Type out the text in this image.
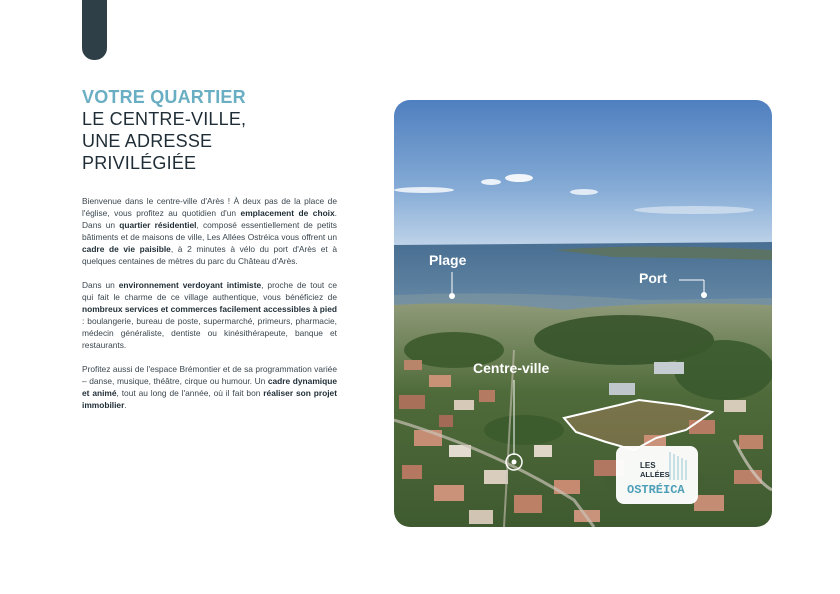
VOTRE QUARTIER
LE CENTRE-VILLE,
UNE ADRESSE
PRIVILÉGIÉE

Bienvenue dans le centre-ville d'Arès ! À deux pas de la place de l'église, vous profitez au quotidien d'un emplacement de choix. Dans un quartier résidentiel, composé essentiellement de petits bâtiments et de maisons de ville, Les Allées Ostréica vous offrent un cadre de vie paisible, à 2 minutes à vélo du port d'Arès et à quelques centaines de mètres du parc du Château d'Arès.

Dans un environnement verdoyant intimiste, proche de tout ce qui fait le charme de ce village authentique, vous bénéficiez de nombreux services et commerces facilement accessibles à pied : boulangerie, bureau de poste, supermarché, primeurs, pharmacie, médecin généraliste, dentiste ou kinésithérapeute, banque et restaurants.

Profitez aussi de l'espace Brémontier et de sa programmation variée – danse, musique, théâtre, cirque ou humour. Un cadre dynamique et animé, tout au long de l'année, où il fait bon réaliser son projet immobilier.

Plage
Port
Centre-ville
LES
ALLÉES
OSTRÉICA
